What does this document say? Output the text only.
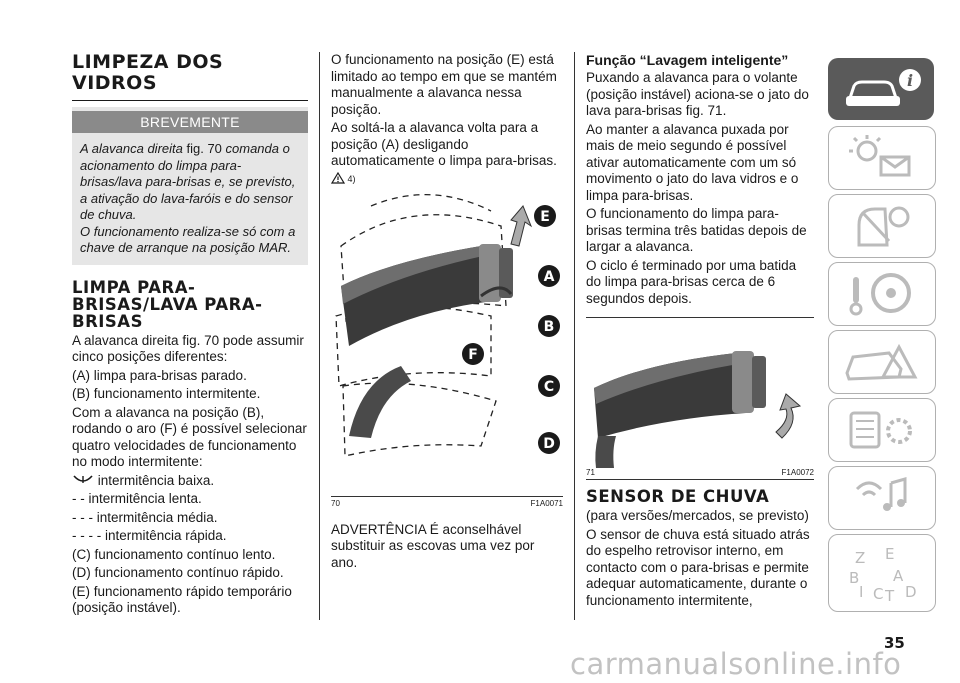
LIMPEZA DOS VIDROS
BREVEMENTE

A alavanca direita fig. 70 comanda o acionamento do limpa para-brisas/lava para-brisas e, se previsto, a ativação do lava-faróis e do sensor de chuva.

O funcionamento realiza-se só com a chave de arranque na posição MAR.

LIMPA PARA-BRISAS/LAVA PARA-BRISAS

A alavanca direita fig. 70 pode assumir cinco posições diferentes:

(A) limpa para-brisas parado.

(B) funcionamento intermitente.

Com a alavanca na posição (B), rodando o aro (F) é possível selecionar quatro velocidades de funcionamento no modo intermitente:

intermitência baixa.

- - intermitência lenta.

- - - intermitência média.

- - - - intermitência rápida.

(C) funcionamento contínuo lento.

(D) funcionamento contínuo rápido.

(E) funcionamento rápido temporário (posição instável).

O funcionamento na posição (E) está limitado ao tempo em que se mantém manualmente a alavanca nessa posição.

Ao soltá-la a alavanca volta para a posição (A) desligando automaticamente o limpa para-brisas.

4)
E
A
B
C
D
F
70	F1A0071

ADVERTÊNCIA É aconselhável substituir as escovas uma vez por ano.

Função “Lavagem inteligente”

Puxando a alavanca para o volante (posição instável) aciona-se o jato do lava para-brisas fig. 71.

Ao manter a alavanca puxada por mais de meio segundo é possível ativar automaticamente com um só movimento o jato do lava vidros e o limpa para-brisas.

O funcionamento do limpa para-brisas termina três batidas depois de largar a alavanca.

O ciclo é terminado por uma batida do limpa para-brisas cerca de 6 segundos depois.

71	F1A0072
SENSOR DE CHUVA

(para versões/mercados, se previsto)

O sensor de chuva está situado atrás do espelho retrovisor interno, em contacto com o para-brisas e permite adequar automaticamente, durante o funcionamento intermitente,

i
Z E
B A
I C T D
35
carmanualsonline.info
